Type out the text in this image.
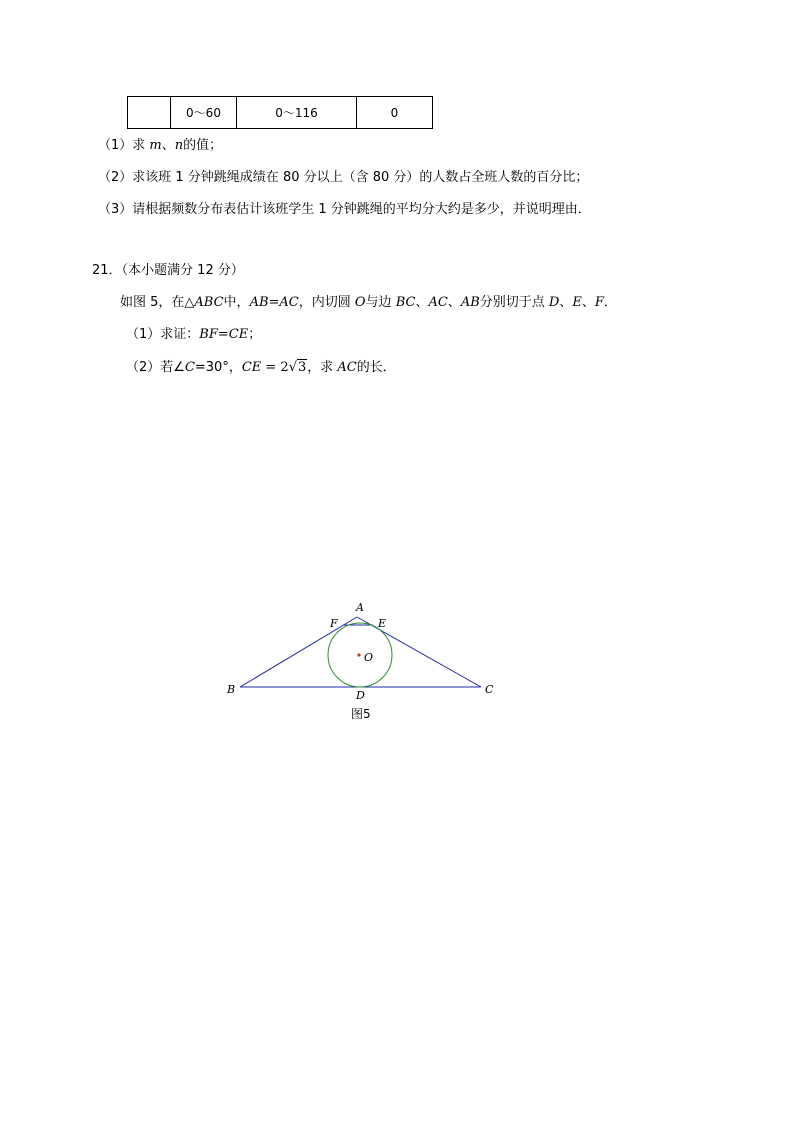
	0～60	0～116	0
（1）求 m、n的值；
（2）求该班 1 分钟跳绳成绩在 80 分以上（含 80 分）的人数占全班人数的百分比；
（3）请根据频数分布表估计该班学生 1 分钟跳绳的平均分大约是多少，并说明理由．
21．（本小题满分 12 分）
如图 5，在△ABC中，AB=AC，内切圆 O与边 BC、AC、AB分别切于点 D、E、F．
（1）求证：BF=CE；
（2）若∠C=30°，CE = 2√3，求 AC的长．
A
F	E
O
B	D	C
图5
